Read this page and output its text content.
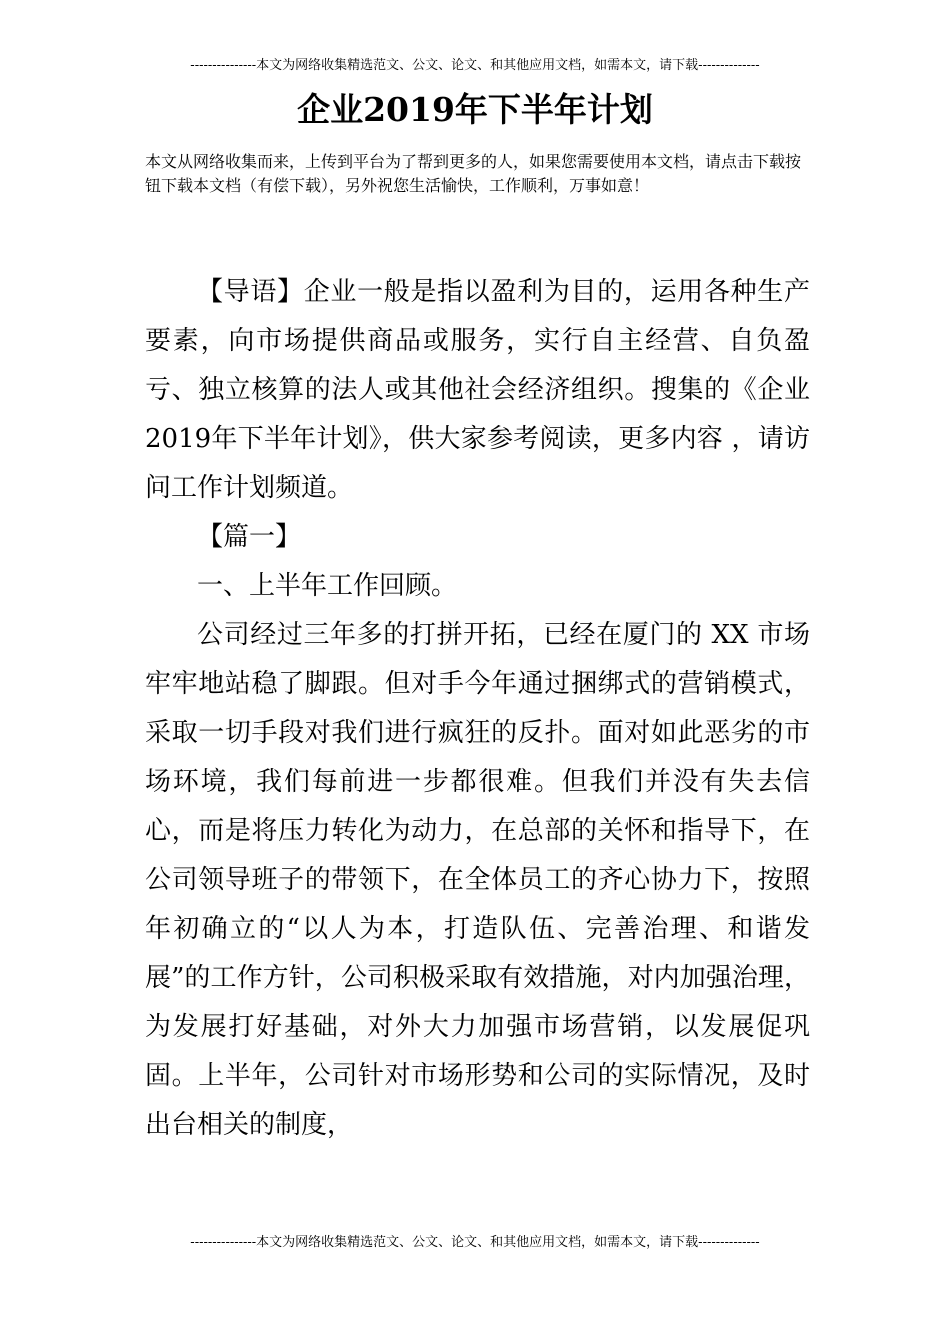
---------------本文为网络收集精选范文、公文、论文、和其他应用文档，如需本文，请下载--------------
企业2019年下半年计划
本文从网络收集而来，上传到平台为了帮到更多的人，如果您需要使用本文档，请点击下载按钮下载本文档（有偿下载），另外祝您生活愉快，工作顺利，万事如意！

【导语】企业一般是指以盈利为目的，运用各种生产要素，向市场提供商品或服务，实行自主经营、自负盈亏、独立核算的法人或其他社会经济组织。搜集的《企业2019年下半年计划》，供大家参考阅读，更多内容 ，请访问工作计划频道。

【篇一】

一、上半年工作回顾。

公司经过三年多的打拼开拓，已经在厦门的 XX 市场牢牢地站稳了脚跟。但对手今年通过捆绑式的营销模式，采取一切手段对我们进行疯狂的反扑。面对如此恶劣的市场环境，我们每前进一步都很难。但我们并没有失去信心，而是将压力转化为动力，在总部的关怀和指导下，在公司领导班子的带领下，在全体员工的齐心协力下，按照年初确立的“以人为本，打造队伍、完善治理、和谐发展”的工作方针，公司积极采取有效措施，对内加强治理，为发展打好基础，对外大力加强市场营销，以发展促巩固。上半年，公司针对市场形势和公司的实际情况，及时出台相关的制度，

---------------本文为网络收集精选范文、公文、论文、和其他应用文档，如需本文，请下载--------------
